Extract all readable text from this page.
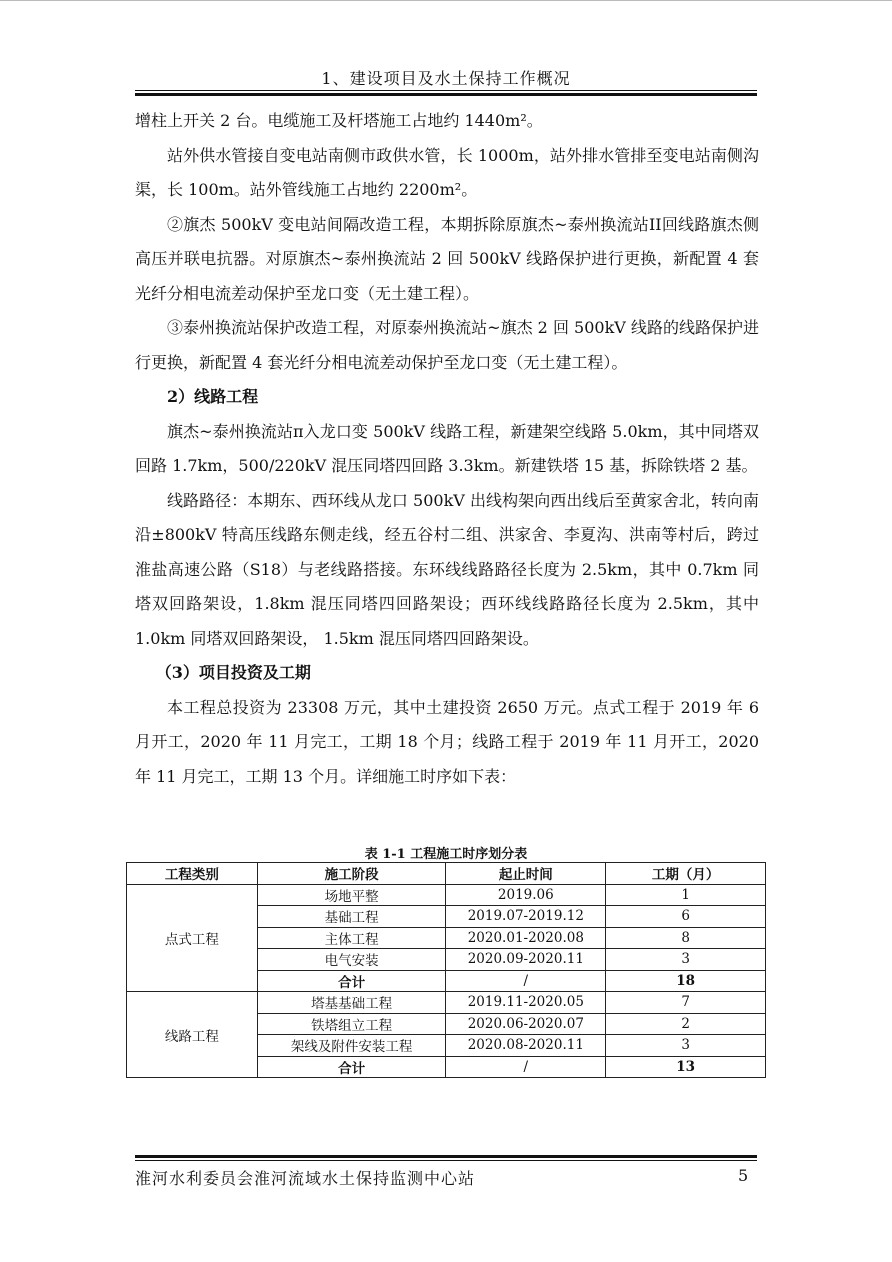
1、建设项目及水土保持工作概况

增柱上开关 2 台。电缆施工及杆塔施工占地约 1440m²。

站外供水管接自变电站南侧市政供水管，长 1000m，站外排水管排至变电站南侧沟渠，长 100m。站外管线施工占地约 2200m²。

②旗杰 500kV 变电站间隔改造工程，本期拆除原旗杰~泰州换流站II回线路旗杰侧高压并联电抗器。对原旗杰~泰州换流站 2 回 500kV 线路保护进行更换，新配置 4 套光纤分相电流差动保护至龙口变（无土建工程）。

③泰州换流站保护改造工程，对原泰州换流站~旗杰 2 回 500kV 线路的线路保护进行更换，新配置 4 套光纤分相电流差动保护至龙口变（无土建工程）。

2）线路工程

旗杰~泰州换流站π入龙口变 500kV 线路工程，新建架空线路 5.0km，其中同塔双回路 1.7km，500/220kV 混压同塔四回路 3.3km。新建铁塔 15 基，拆除铁塔 2 基。

线路路径：本期东、西环线从龙口 500kV 出线构架向西出线后至黄家舍北，转向南沿±800kV 特高压线路东侧走线，经五谷村二组、洪家舍、李夏沟、洪南等村后，跨过淮盐高速公路（S18）与老线路搭接。东环线线路路径长度为 2.5km，其中 0.7km 同塔双回路架设，1.8km 混压同塔四回路架设；西环线线路路径长度为 2.5km，其中 1.0km 同塔双回路架设， 1.5km 混压同塔四回路架设。

（3）项目投资及工期

本工程总投资为 23308 万元，其中土建投资 2650 万元。点式工程于 2019 年 6 月开工，2020 年 11 月完工，工期 18 个月；线路工程于 2019 年 11 月开工，2020 年 11 月完工，工期 13 个月。详细施工时序如下表：

表 1-1 工程施工时序划分表
工程类别	施工阶段	起止时间	工期（月）
点式工程	场地平整	2019.06	1
	基础工程	2019.07-2019.12	6
	主体工程	2020.01-2020.08	8
	电气安装	2020.09-2020.11	3
	合计	/	18
线路工程	塔基基础工程	2019.11-2020.05	7
	铁塔组立工程	2020.06-2020.07	2
	架线及附件安装工程	2020.08-2020.11	3
	合计	/	13
淮河水利委员会淮河流域水土保持监测中心站	5
